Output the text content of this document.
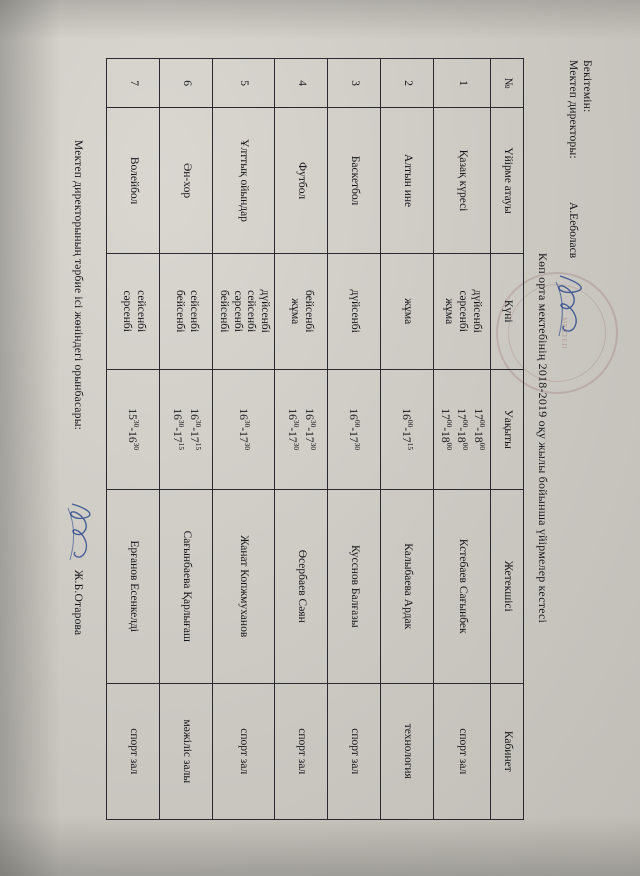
Бекітемін:
Мектеп директоры:
А.Ееболасв
МЕКТЕП
Көп орта мектебінің 2018-2019 оқу жылы бойынша үйірмелер кестесі
№	Үйірме атауы	Күні	Уақыты	Жетекшісі	Кабинет
1	Қазақ күресі	дүйсенбі
сәрсенбі
жұма	$17^{00}-18^{00}$
$17^{00}-18^{00}$
$17^{00}-18^{00}$	Кстебаев Сағынбек	спорт зал
2	Алтын ине	жұма	$16^{00}-17^{15}$	Калыбаева Ардак	технология
3	Баскетбол	дүйсенбі	$16^{00}-17^{30}$	Кусснов Балғазы	спорт зал
4	Футбол	бейсенбі
жұма	$16^{30}-17^{30}$
$16^{30}-17^{30}$	Өсербаев Сәян	спорт зал
5	Ұлттық ойындар	дүйсенбі
сейсенбі
сәрсенбі
бейсенбі	$16^{30}-17^{30}$	Жанат Копжмуханов	спорт зал
6	Ән-хор	сейсенбі
бейсенбі	$16^{30}-17^{15}$
$16^{30}-17^{15}$	Сағынбаева Қарлығаш	мәжіліс залы
7	Волейбол	сейсенбі
сәрсенбі	$15^{30}-16^{30}$	Ерғанов Есенкелді	спорт зал
Мектеп директорының тәрбие ісі жөніндегі орынбасары:
Ж.Б.Отарова
